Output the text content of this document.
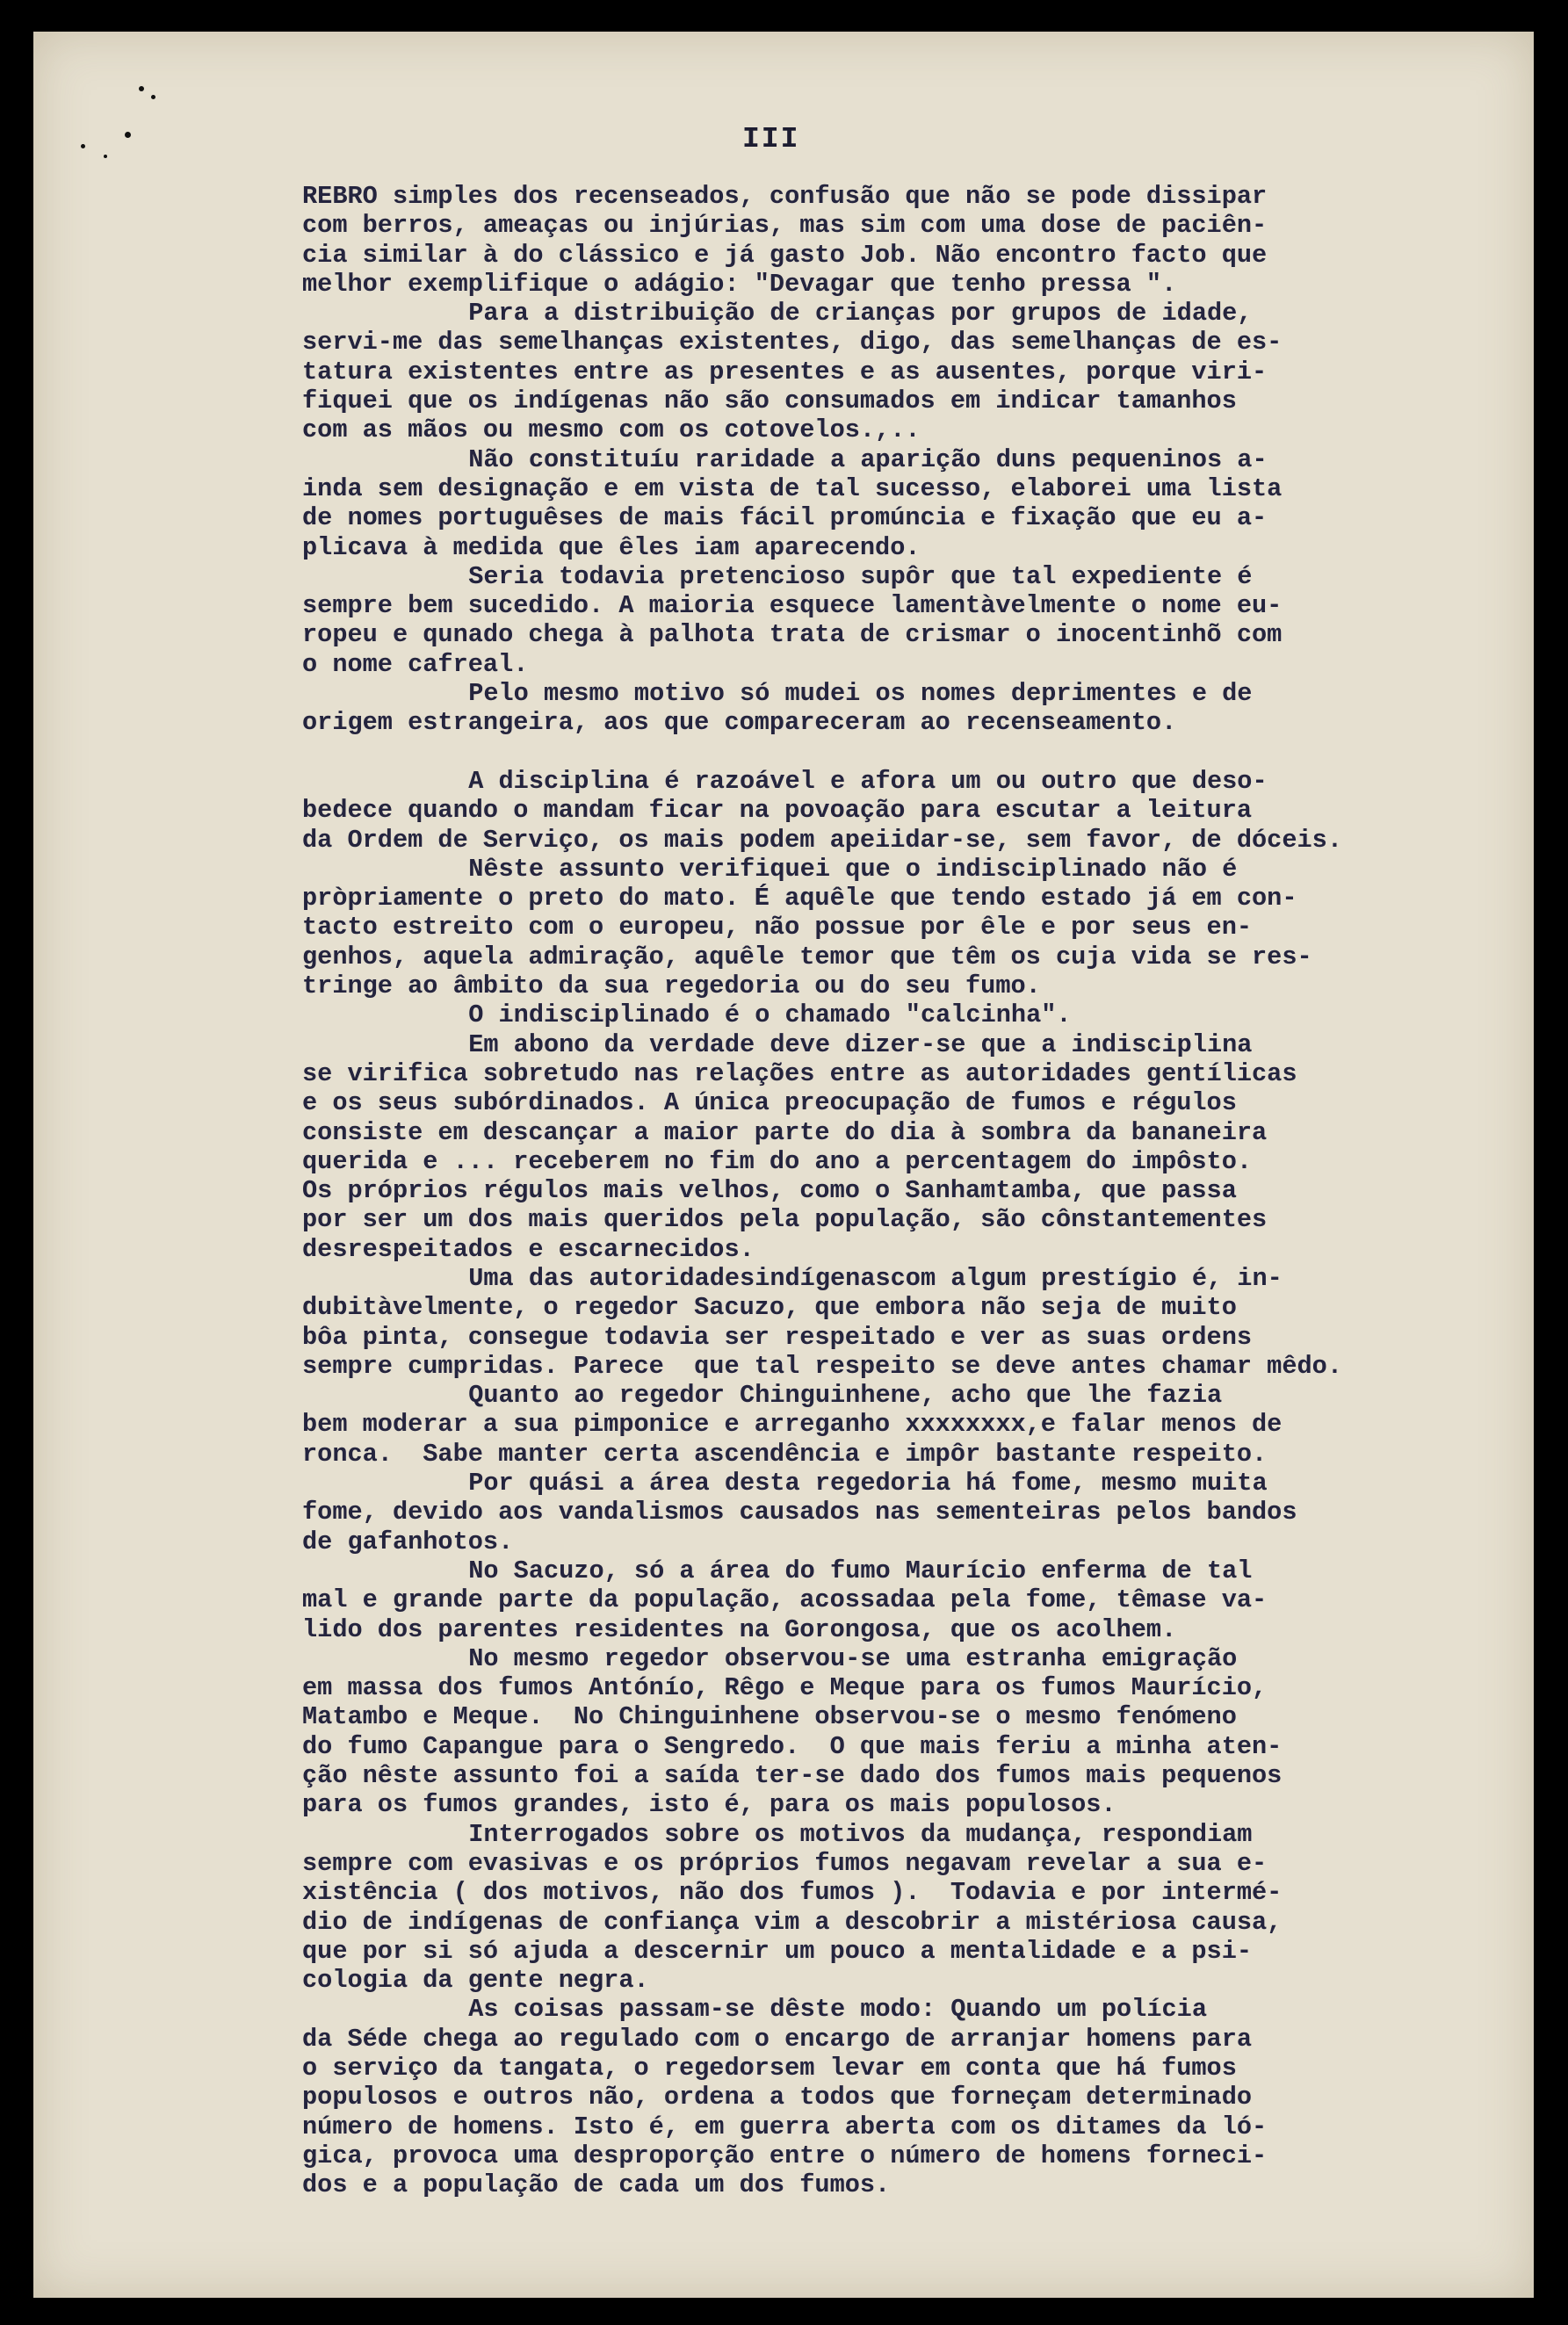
III
REBRO simples dos recenseados, confusão que não se pode dissipar
com berros, ameaças ou injúrias, mas sim com uma dose de paciên-
cia similar à do clássico e já gasto Job. Não encontro facto que
melhor exemplifique o adágio: "Devagar que tenho pressa ".
Para a distribuição de crianças por grupos de idade,
servi-me das semelhanças existentes, digo, das semelhanças de es-
tatura existentes entre as presentes e as ausentes, porque viri-
fiquei que os indígenas não são consumados em indicar tamanhos
com as mãos ou mesmo com os cotovelos.,..
Não constituíu raridade a aparição duns pequeninos a-
inda sem designação e em vista de tal sucesso, elaborei uma lista
de nomes portuguêses de mais fácil promúncia e fixação que eu a-
plicava à medida que êles iam aparecendo.
Seria todavia pretencioso supôr que tal expediente é
sempre bem sucedido. A maioria esquece lamentàvelmente o nome eu-
ropeu e qunado chega à palhota trata de crismar o inocentinhõ com
o nome cafreal.
Pelo mesmo motivo só mudei os nomes deprimentes e de
origem estrangeira, aos que compareceram ao recenseamento.
A disciplina é razoável e afora um ou outro que deso-
bedece quando o mandam ficar na povoação para escutar a leitura
da Ordem de Serviço, os mais podem apeiidar-se, sem favor, de dóceis.
Nêste assunto verifiquei que o indisciplinado não é
pròpriamente o preto do mato. É aquêle que tendo estado já em con-
tacto estreito com o europeu, não possue por êle e por seus en-
genhos, aquela admiração, aquêle temor que têm os cuja vida se res-
tringe ao âmbito da sua regedoria ou do seu fumo.
O indisciplinado é o chamado "calcinha".
Em abono da verdade deve dizer-se que a indisciplina
se virifica sobretudo nas relações entre as autoridades gentílicas
e os seus subórdinados. A única preocupação de fumos e régulos
consiste em descançar a maior parte do dia à sombra da bananeira
querida e ... receberem no fim do ano a percentagem do impôsto.
Os próprios régulos mais velhos, como o Sanhamtamba, que passa
por ser um dos mais queridos pela população, são cônstantementes
desrespeitados e escarnecidos.
Uma das autoridadesindígenascom algum prestígio é, in-
dubitàvelmente, o regedor Sacuzo, que embora não seja de muito
bôa pinta, consegue todavia ser respeitado e ver as suas ordens
sempre cumpridas. Parece  que tal respeito se deve antes chamar mêdo.
Quanto ao regedor Chinguinhene, acho que lhe fazia
bem moderar a sua pimponice e arreganho xxxxxxxx,e falar menos de
ronca.  Sabe manter certa ascendência e impôr bastante respeito.
Por quási a área desta regedoria há fome, mesmo muita
fome, devido aos vandalismos causados nas sementeiras pelos bandos
de gafanhotos.
No Sacuzo, só a área do fumo Maurício enferma de tal
mal e grande parte da população, acossadaa pela fome, têmase va-
lido dos parentes residentes na Gorongosa, que os acolhem.
No mesmo regedor observou-se uma estranha emigração
em massa dos fumos Antónío, Rêgo e Meque para os fumos Maurício,
Matambo e Meque.  No Chinguinhene observou-se o mesmo fenómeno
do fumo Capangue para o Sengredo.  O que mais feriu a minha aten-
ção nêste assunto foi a saída ter-se dado dos fumos mais pequenos
para os fumos grandes, isto é, para os mais populosos.
Interrogados sobre os motivos da mudança, respondiam
sempre com evasivas e os próprios fumos negavam revelar a sua e-
xistência ( dos motivos, não dos fumos ).  Todavia e por intermé-
dio de indígenas de confiança vim a descobrir a mistériosa causa,
que por si só ajuda a descernir um pouco a mentalidade e a psi-
cologia da gente negra.
As coisas passam-se dêste modo: Quando um polícia
da Séde chega ao regulado com o encargo de arranjar homens para
o serviço da tangata, o regedorsem levar em conta que há fumos
populosos e outros não, ordena a todos que forneçam determinado
número de homens. Isto é, em guerra aberta com os ditames da ló-
gica, provoca uma desproporção entre o número de homens forneci-
dos e a população de cada um dos fumos.
